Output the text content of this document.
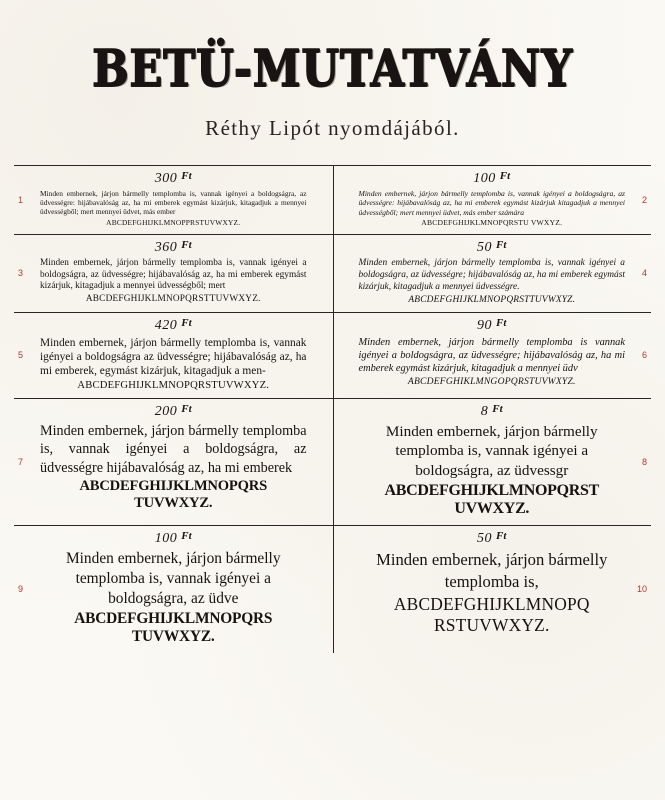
BETÜ-MUTATVÁNY

Réthy Lipót nyomdájából.

1

300 $^{Ft}$

Minden embernek, járjon bármelly templomba is, vannak igényei a boldogságra, az üdvességre: hijábavalóság az, ha mi emberek egymást kizárjuk, kitagadjuk a mennyei üdvességből; mert mennyei üdvet, más ember

ABCDEFGHIJKLMNOPPRSTUVWXYZ.

2

100 $^{Ft}$

Minden embernek, járjon bármelly templomba is, vannak igényei a boldogságra, az üdvességre: hijábavalóság az, ha mi emberek egymást kizárjuk kitagadjuk a mennyei üdvességből; mert mennyei üdvet, más ember számára

ABCDEFGHIJKLMNOPQRSTU VWXYZ.

3

360 $^{Ft}$

Minden embernek, járjon bármelly templomba is, vannak igényei a boldogságra, az üdvességre; hijábavalóság az, ha mi emberek egymást kizárjuk, kitagadjuk a mennyei üdvességből; mert

ABCDEFGHIJKLMNOPQRSTTUVWXYZ.

4

50 $^{Ft}$

Minden embernek, járjon bármelly templomba is, vannak igényei a boldogságra, az üdvességre; hijábavalóság az, ha mi emberek egymást kizárjuk, kitagadjuk a mennyei üdvességre.

ABCDEFGHIJKLMNOPQRSTTUVWXYZ.

5

420 $^{Ft}$

Minden embernek, járjon bármelly templomba is, vannak igényei a boldogságra az üdvességre; hijábavalóság az, ha mi emberek, egymást kizárjuk, kitagadjuk a men-

ABCDEFGHIJKLMNOPQRSTUVWXYZ.

6

90 $^{Ft}$

Minden embernek, járjon bármelly templomba is vannak igényei a boldogságra, az üdvességre; hijábavalóság az, ha mi emberek egymást kizárjuk, kitagadjuk a mennyei üdv

ABCDEFGHIKLMNGOPQRSTUVWXYZ.

7

200 $^{Ft}$

Minden embernek, járjon bármelly templomba is, vannak igényei a boldogságra, az üdvességre hijábavalóság az, ha mi emberek

ABCDEFGHIJKLMNOPQRS TUVWXYZ.

8

8 $^{Ft}$

Minden embernek, járjon bármelly templomba is, vannak igényei a boldogságra, az üdvessgr

ABCDEFGHIJKLMNOPQRST UVWXYZ.

9

100 $^{Ft}$

Minden embernek, járjon bármelly templomba is, vannak igényei a boldogságra, az üdve

ABCDEFGHIJKLMNOPQRS TUVWXYZ.

10

50 $^{Ft}$

Minden embernek, járjon bármelly templomba is,

ABCDEFGHIJKLMNOPQ RSTUVWXYZ.
